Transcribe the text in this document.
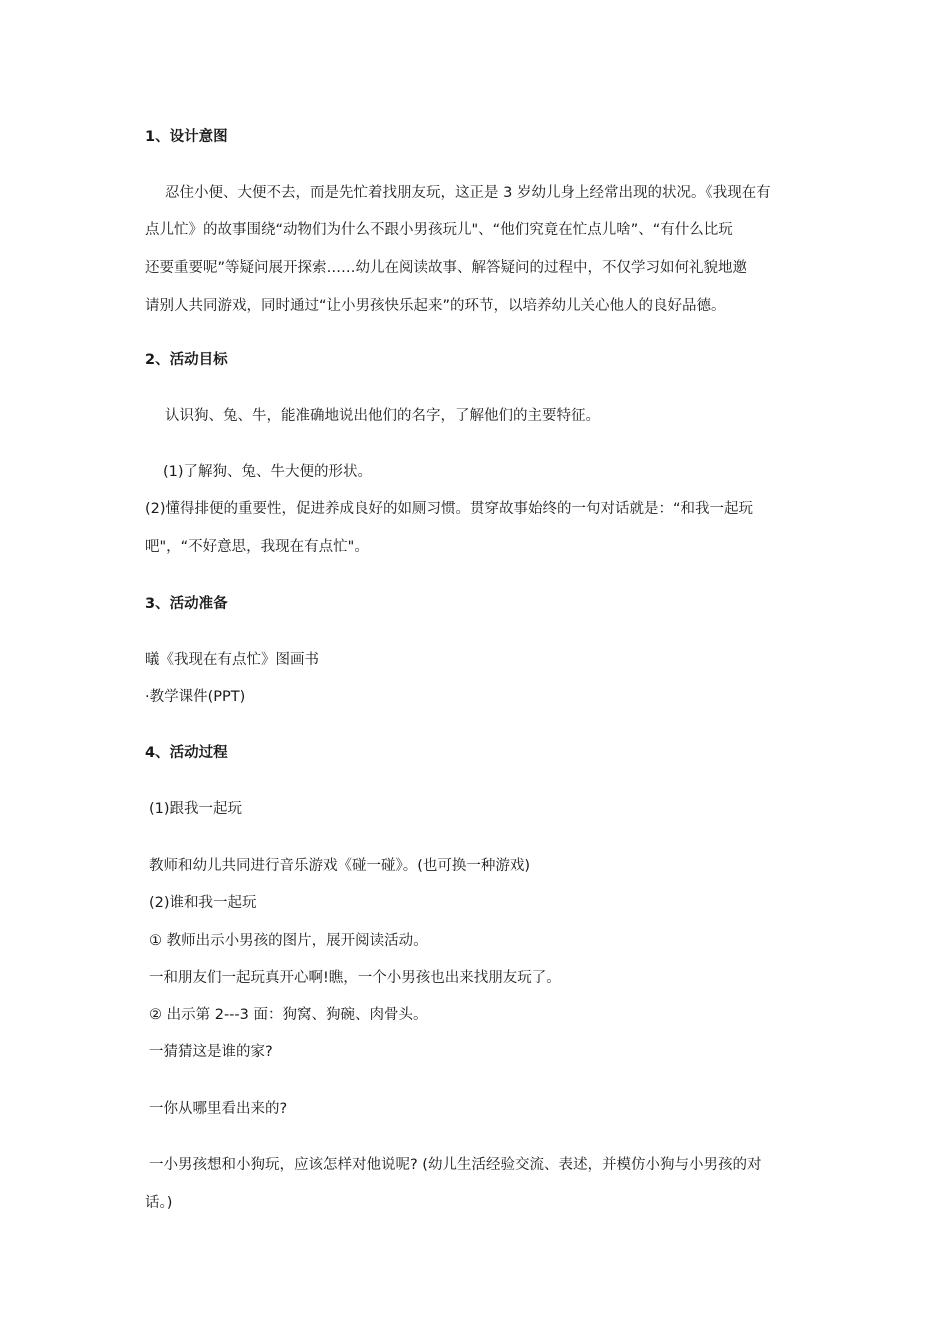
1、设计意图
忍住小便、大便不去，而是先忙着找朋友玩，这正是 3 岁幼儿身上经常出现的状况。《我现在有
点儿忙》的故事围绕“动物们为什么不跟小男孩玩儿"、“他们究竟在忙点儿啥”、“有什么比玩
还要重要呢”等疑问展开探索……幼儿在阅读故事、解答疑问的过程中，不仅学习如何礼貌地邀
请别人共同游戏，同时通过“让小男孩快乐起来”的环节，以培养幼儿关心他人的良好品德。
2、活动目标
认识狗、兔、牛，能准确地说出他们的名字，了解他们的主要特征。
(1)了解狗、兔、牛大便的形状。
(2)懂得排便的重要性，促进养成良好的如厕习惯。贯穿故事始终的一句对话就是：“和我一起玩
吧"，“不好意思，我现在有点忙"。
3、活动准备
㬢《我现在有点忙》图画书
·教学课件(PPT)
4、活动过程
(1)跟我一起玩
教师和幼儿共同进行音乐游戏《碰一碰》。(也可换一种游戏)
(2)谁和我一起玩
① 教师出示小男孩的图片，展开阅读活动。
一和朋友们一起玩真开心啊!瞧，一个小男孩也出来找朋友玩了。
② 出示第 2---3 面：狗窝、狗碗、肉骨头。
一猜猜这是谁的家?
一你从哪里看出来的?
一小男孩想和小狗玩，应该怎样对他说呢? (幼儿生活经验交流、表述，并模仿小狗与小男孩的对
话。)
